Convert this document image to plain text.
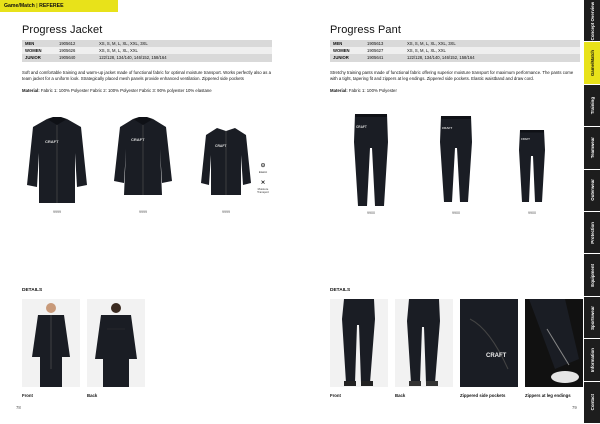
Game/Match | REFEREE
Progress Jacket
MEN	1905612	XS, S, M, L, XL, XXL, 3XL
WOMEN	1905626	XS, S, M, L, XL, XXL
JUNIOR	1905640	122/128, 134/140, 146/152, 158/164

Soft and comfortable training and warm-up jacket made of functional fabric for optimal moisture transport. Works perfectly also as a team jacket for a uniform look. Strategically placed mesh panels provide enhanced ventilation. Zippered side pockets

Material: Fabric 1: 100% Polyester Fabric 2: 100% Polyester Fabric 3: 90% polyester 10% elastane

CRAFT
9999
CRAFT
9999
CRAFT
9999
⊙
Elastic
⨯
Moisture Transport
DETAILS
Front	Back
78
Progress Pant
MEN	1905613	XS, S, M, L, XL, XXL, 3XL
WOMEN	1905627	XS, S, M, L, XL, XXL
JUNIOR	1905641	122/128, 134/140, 146/152, 158/164

Stretchy training pants made of functional fabric offering superior moisture transport for maximum performance. The pants come with a tight, tapering fit and zippers at leg endings. Zippered side pockets. Elastic waistband and draw cord.

Material: Fabric 1: 100% Polyester

CRAFT
9900
CRAFT
9900
CRAFT
9900
DETAILS
Front	Back
CRAFT
Zippered side pockets	Zippers at leg endings
79
Concept Overview
Game/Match
Training
Teamwear
Outerwear
Protection
Equipment
Sportswear
Information
Contact
